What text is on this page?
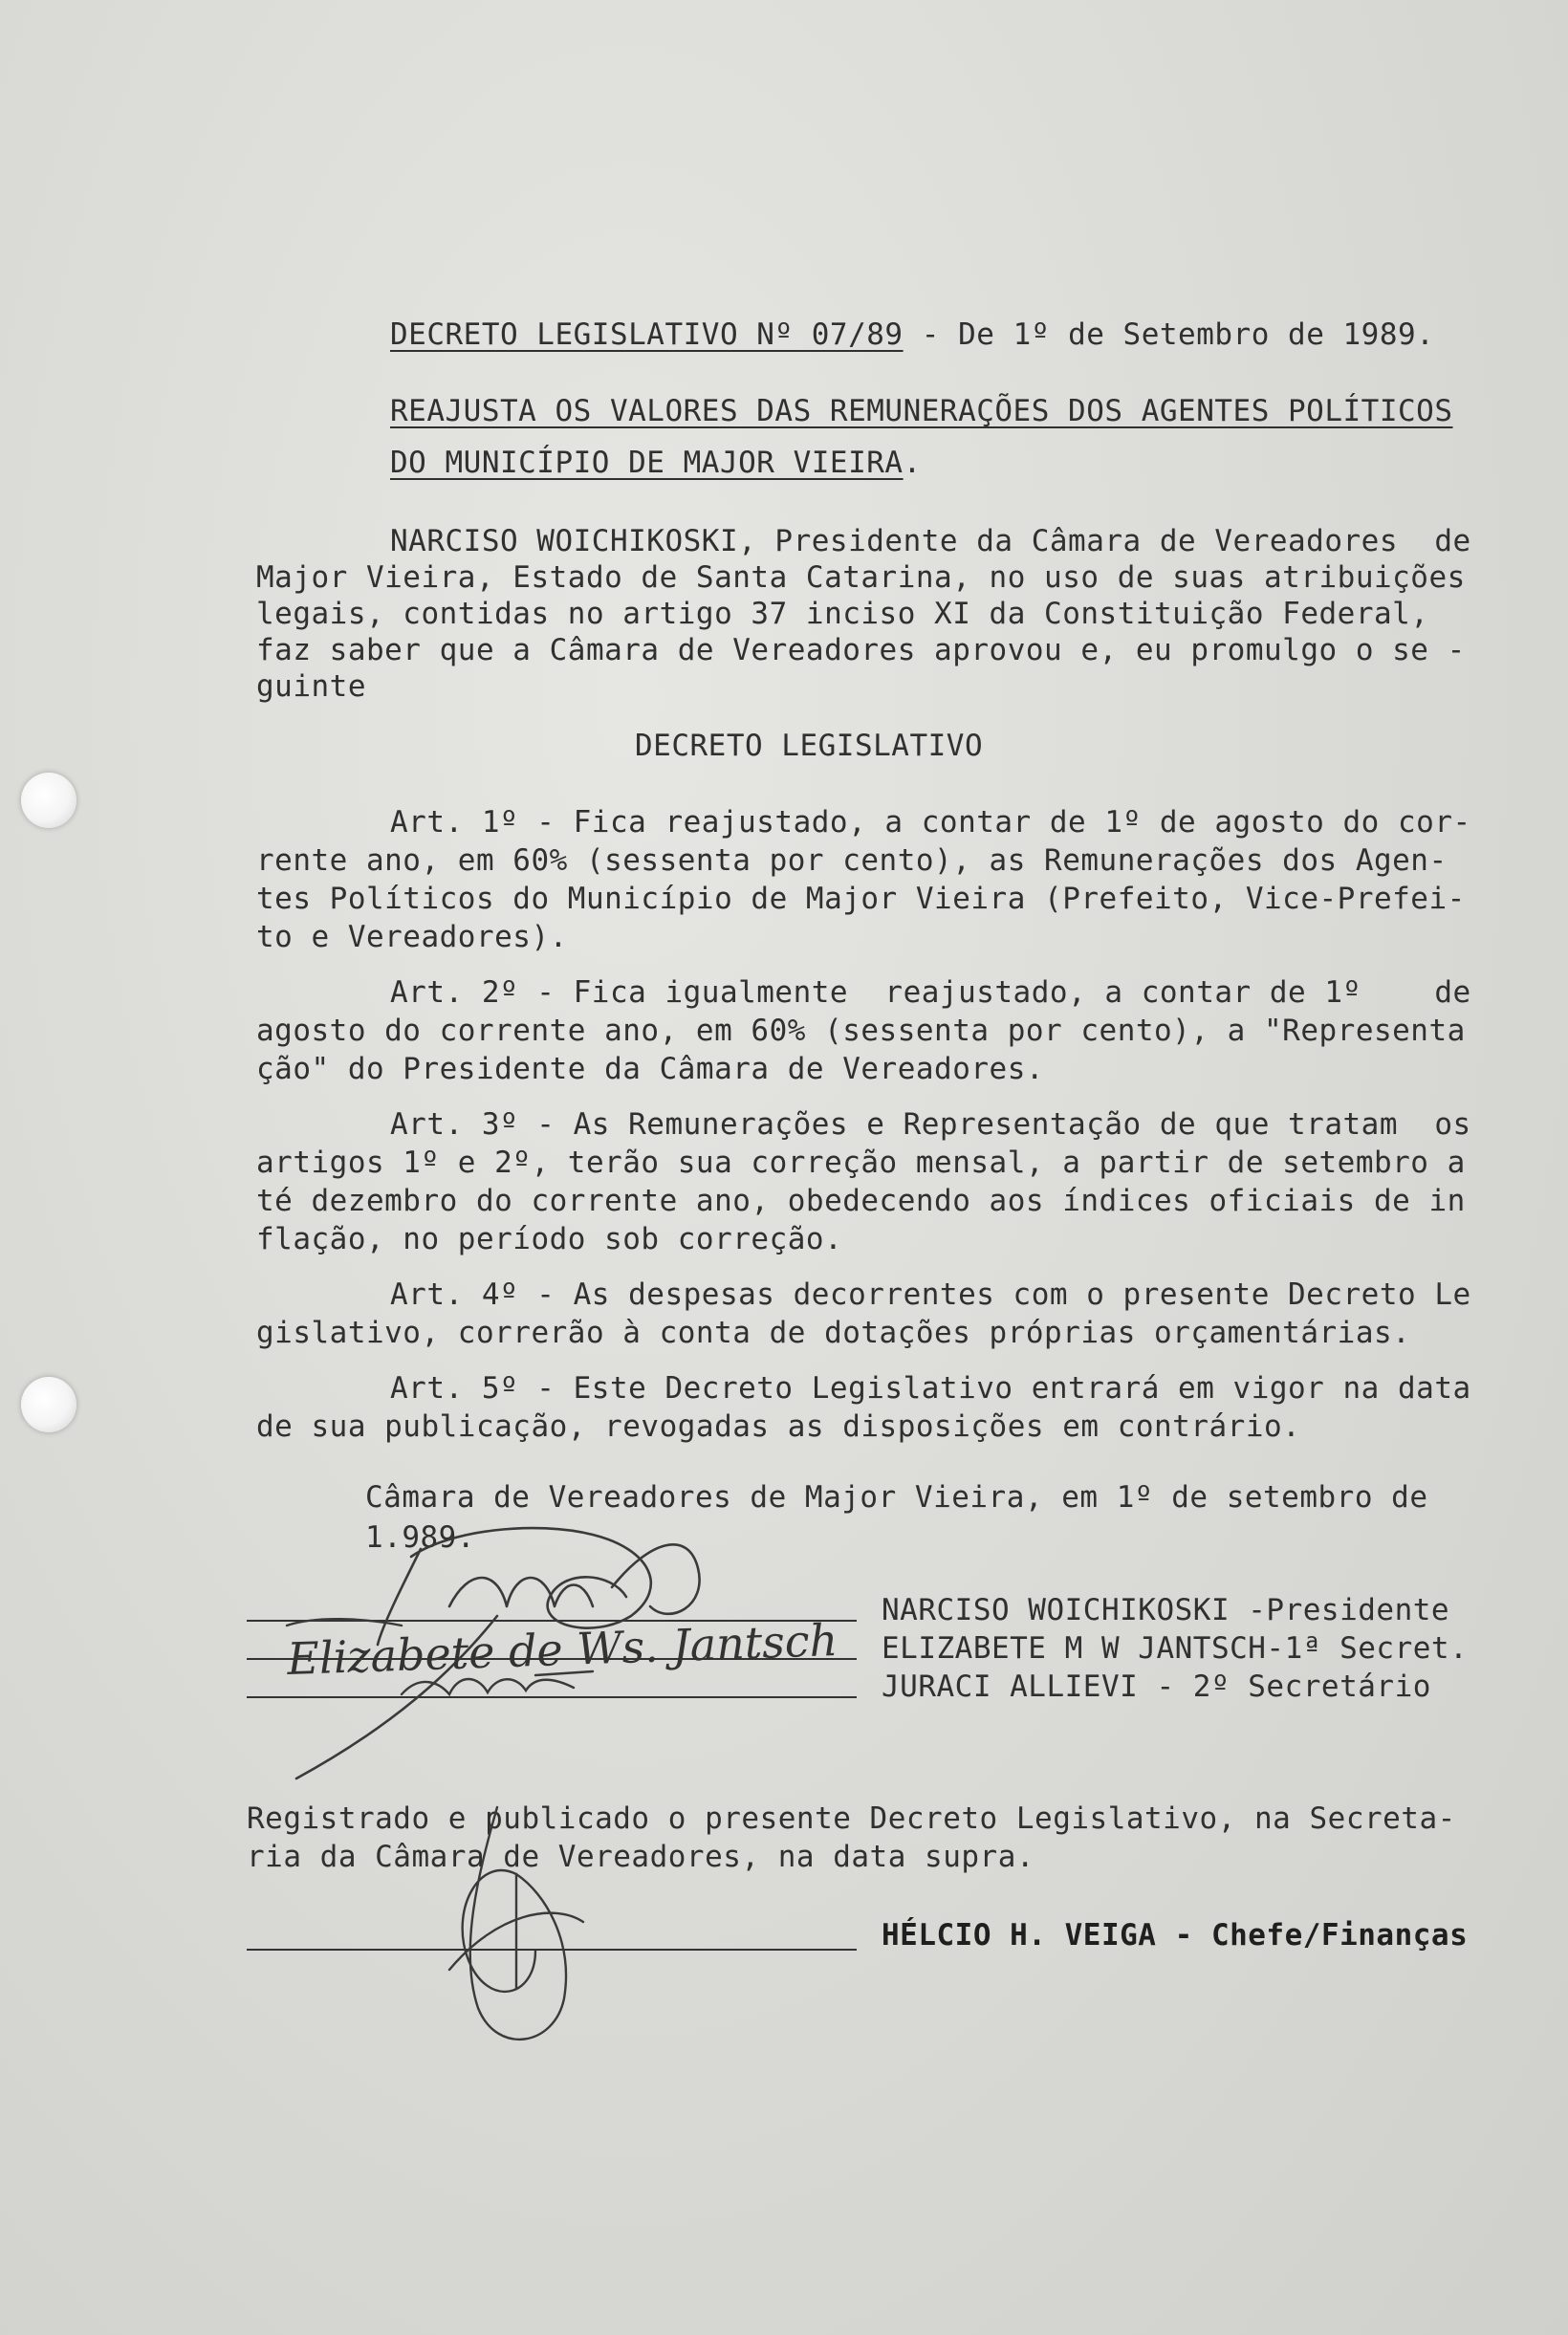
DECRETO LEGISLATIVO Nº 07/89 - De 1º de Setembro de 1989.
REAJUSTA OS VALORES DAS REMUNERAÇÕES DOS AGENTES POLÍTICOS
DO MUNICÍPIO DE MAJOR VIEIRA.
NARCISO WOICHIKOSKI, Presidente da Câmara de Vereadores  de
Major Vieira, Estado de Santa Catarina, no uso de suas atribuições
legais, contidas no artigo 37 inciso XI da Constituição Federal,
faz saber que a Câmara de Vereadores aprovou e, eu promulgo o se -
guinte
DECRETO LEGISLATIVO
Art. 1º - Fica reajustado, a contar de 1º de agosto do cor-
rente ano, em 60% (sessenta por cento), as Remunerações dos Agen-
tes Políticos do Município de Major Vieira (Prefeito, Vice-Prefei-
to e Vereadores).
Art. 2º - Fica igualmente  reajustado, a contar de 1º    de
agosto do corrente ano, em 60% (sessenta por cento), a "Representa
ção" do Presidente da Câmara de Vereadores.
Art. 3º - As Remunerações e Representação de que tratam  os
artigos 1º e 2º, terão sua correção mensal, a partir de setembro a
té dezembro do corrente ano, obedecendo aos índices oficiais de in
flação, no período sob correção.
Art. 4º - As despesas decorrentes com o presente Decreto Le
gislativo, correrão à conta de dotações próprias orçamentárias.
Art. 5º - Este Decreto Legislativo entrará em vigor na data
de sua publicação, revogadas as disposições em contrário.
Câmara de Vereadores de Major Vieira, em 1º de setembro de
1.989.
NARCISO WOICHIKOSKI -Presidente
ELIZABETE M W JANTSCH-1ª Secret.
JURACI ALLIEVI - 2º Secretário
Registrado e publicado o presente Decreto Legislativo, na Secreta-
ria da Câmara de Vereadores, na data supra.
HÉLCIO H. VEIGA - Chefe/Finanças
Elizabete de Ws. Jantsch
